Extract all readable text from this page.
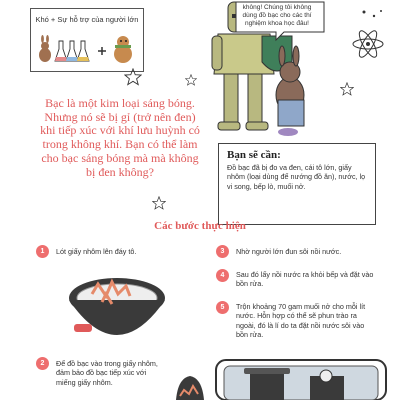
Khó + Sự hỗ trợ của người lớn
không! Chúng tôi không dùng đồ bạc cho các thí nghiệm khoa học đâu!
Bạc là một kim loại sáng bóng. Nhưng nó sẽ bị gỉ (trở nên đen) khi tiếp xúc với khí lưu huỳnh có trong không khí. Bạn có thể làm cho bạc sáng bóng mà mà không bị đen không?
Bạn sẽ cần:
Đồ bạc đã bị đo va đen, cái tô lớn, giấy nhôm (loại dùng để nướng đồ ăn), nước, lọ vi song, bếp lò, muối nở.
Các bước thực hiện
1	Lót giấy nhôm lên đáy tô.
2	Để đồ bạc vào trong giấy nhôm, đảm bảo đồ bạc tiếp xúc với miếng giấy nhôm.
3	Nhờ người lớn đun sôi nồi nước.
4	Sau đó lấy nồi nước ra khỏi bếp và đặt vào bồn rửa.
5	Trộn khoảng 70 gam muối nở cho mỗi lít nước. Hỗn hợp có thể sẽ phun trào ra ngoài, đó là lí do ta đặt nồi nước sôi vào bồn rửa.
